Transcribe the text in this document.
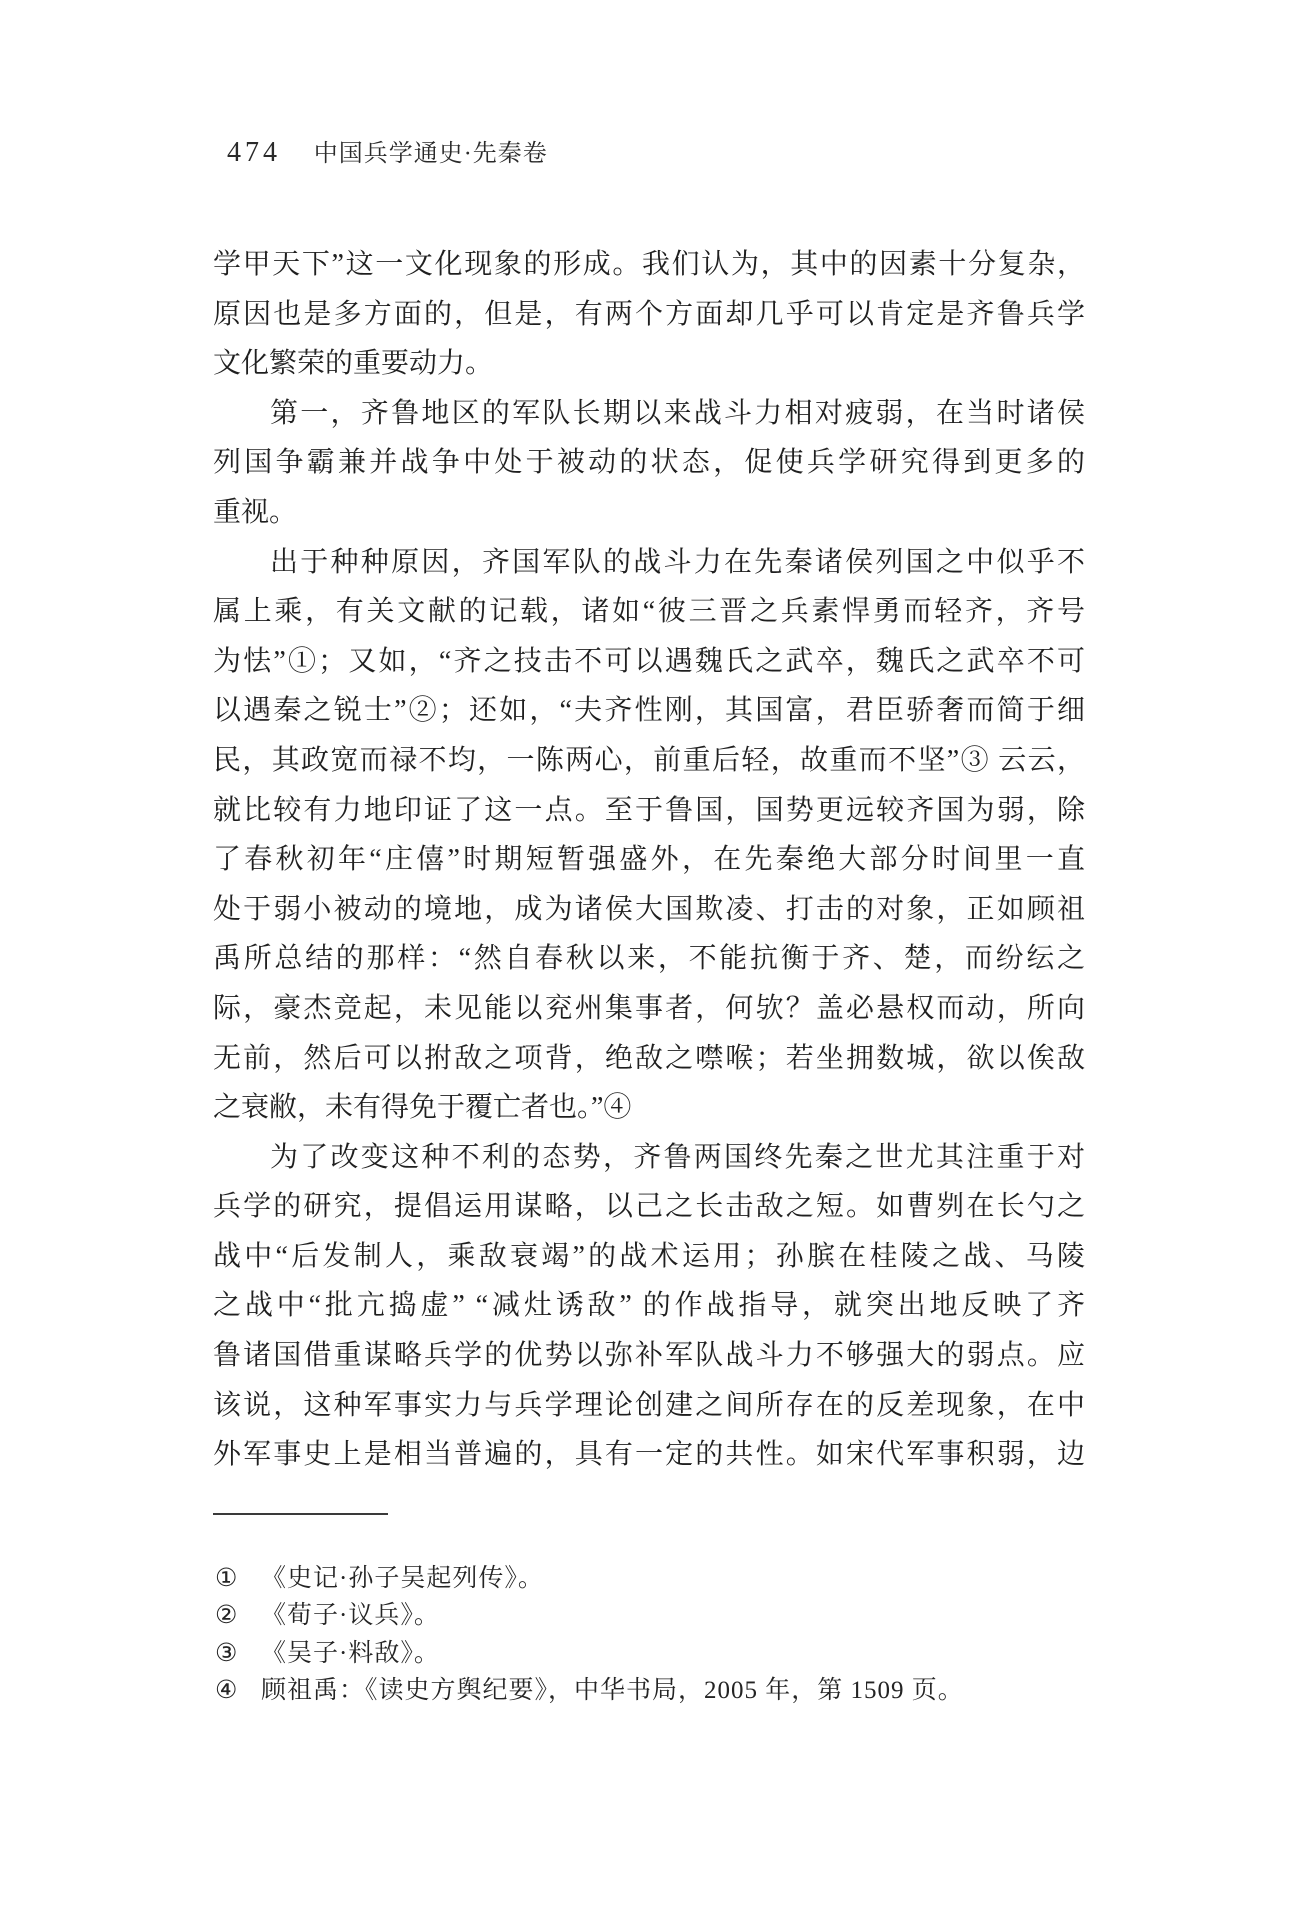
474 中国兵学通史·先秦卷
学甲天下”这一文化现象的形成。我们认为，其中的因素十分复杂，
原因也是多方面的，但是，有两个方面却几乎可以肯定是齐鲁兵学
文化繁荣的重要动力。
第一，齐鲁地区的军队长期以来战斗力相对疲弱，在当时诸侯
列国争霸兼并战争中处于被动的状态，促使兵学研究得到更多的
重视。
出于种种原因，齐国军队的战斗力在先秦诸侯列国之中似乎不
属上乘，有关文献的记载，诸如“彼三晋之兵素悍勇而轻齐，齐号
为怯”①；又如，“齐之技击不可以遇魏氏之武卒，魏氏之武卒不可
以遇秦之锐士”②；还如，“夫齐性刚，其国富，君臣骄奢而简于细
民，其政宽而禄不均，一陈两心，前重后轻，故重而不坚”③ 云云，
就比较有力地印证了这一点。至于鲁国，国势更远较齐国为弱，除
了春秋初年“庄僖”时期短暂强盛外，在先秦绝大部分时间里一直
处于弱小被动的境地，成为诸侯大国欺凌、打击的对象，正如顾祖
禹所总结的那样：“然自春秋以来，不能抗衡于齐、楚，而纷纭之
际，豪杰竞起，未见能以兖州集事者，何欤？盖必悬权而动，所向
无前，然后可以拊敌之项背，绝敌之噤喉；若坐拥数城，欲以俟敌
之衰敝，未有得免于覆亡者也。”④
为了改变这种不利的态势，齐鲁两国终先秦之世尤其注重于对
兵学的研究，提倡运用谋略，以己之长击敌之短。如曹刿在长勺之
战中“后发制人，乘敌衰竭”的战术运用；孙膑在桂陵之战、马陵
之战中“批亢捣虚” “减灶诱敌” 的作战指导，就突出地反映了齐
鲁诸国借重谋略兵学的优势以弥补军队战斗力不够强大的弱点。应
该说，这种军事实力与兵学理论创建之间所存在的反差现象，在中
外军事史上是相当普遍的，具有一定的共性。如宋代军事积弱，边
① 《史记·孙子吴起列传》。
② 《荀子·议兵》。
③ 《吴子·料敌》。
④ 顾祖禹：《读史方舆纪要》，中华书局，2005 年，第 1509 页。
